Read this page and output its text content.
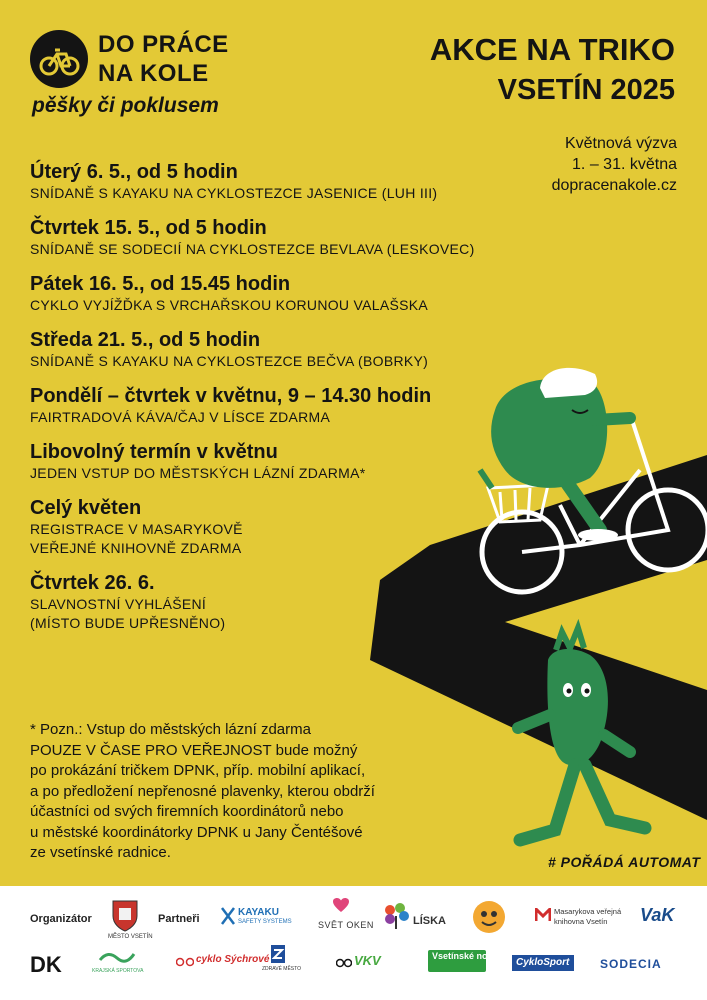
DO PRÁCE
NA KOLE
pěšky či poklusem
AKCE NA TRIKO
VSETÍN 2025
Květnová výzva
1. – 31. května
dopracenakole.cz
Úterý 6. 5., od 5 hodin
SNÍDANĚ S KAYAKU NA CYKLOSTEZCE JASENICE (LUH III)
Čtvrtek 15. 5., od 5 hodin
SNÍDANĚ SE SODECIÍ NA CYKLOSTEZCE BEVLAVA (LESKOVEC)
Pátek 16. 5., od 15.45 hodin
CYKLO VYJÍŽĎKA S VRCHAŘSKOU KORUNOU VALAŠSKA
Středa 21. 5., od 5 hodin
SNÍDANĚ S KAYAKU NA CYKLOSTEZCE BEČVA (BOBRKY)
Pondělí – čtvrtek v květnu, 9 – 14.30 hodin
FAIRTRADOVÁ KÁVA/ČAJ V LÍSCE ZDARMA
Libovolný termín v květnu
JEDEN VSTUP DO MĚSTSKÝCH LÁZNÍ ZDARMA*
Celý květen
REGISTRACE V MASARYKOVĚ
VEŘEJNÉ KNIHOVNĚ ZDARMA
Čtvrtek 26. 6.
SLAVNOSTNÍ VYHLÁŠENÍ
(MÍSTO BUDE UPŘESNĚNO)
* Pozn.: Vstup do městských lázní zdarma
POUZE V ČASE PRO VEŘEJNOST bude možný
po prokázání tričkem DPNK, příp. mobilní aplikací,
a po předložení nepřenosné plavenky, kterou obdrží
účastníci od svých firemních koordinátorů nebo
u městské koordinátorky DPNK u Jany Čentéšové
ze vsetínské radnice.
# POŘÁDÁ AUTOMAT
Organizátor
MĚSTO VSETÍN
Partneři
KAYAKU
SAFETY SYSTEMS	SVĚT OKEN	LÍSKA
Masarykova veřejná
knihovna Vsetín VaK
DK	KRAJSKÁ SPORTOVA
cyklo Sýchrové
ZDRAVÉ MĚSTO
VKV	Vsetínské noviny
CykloSport	SODECIA
